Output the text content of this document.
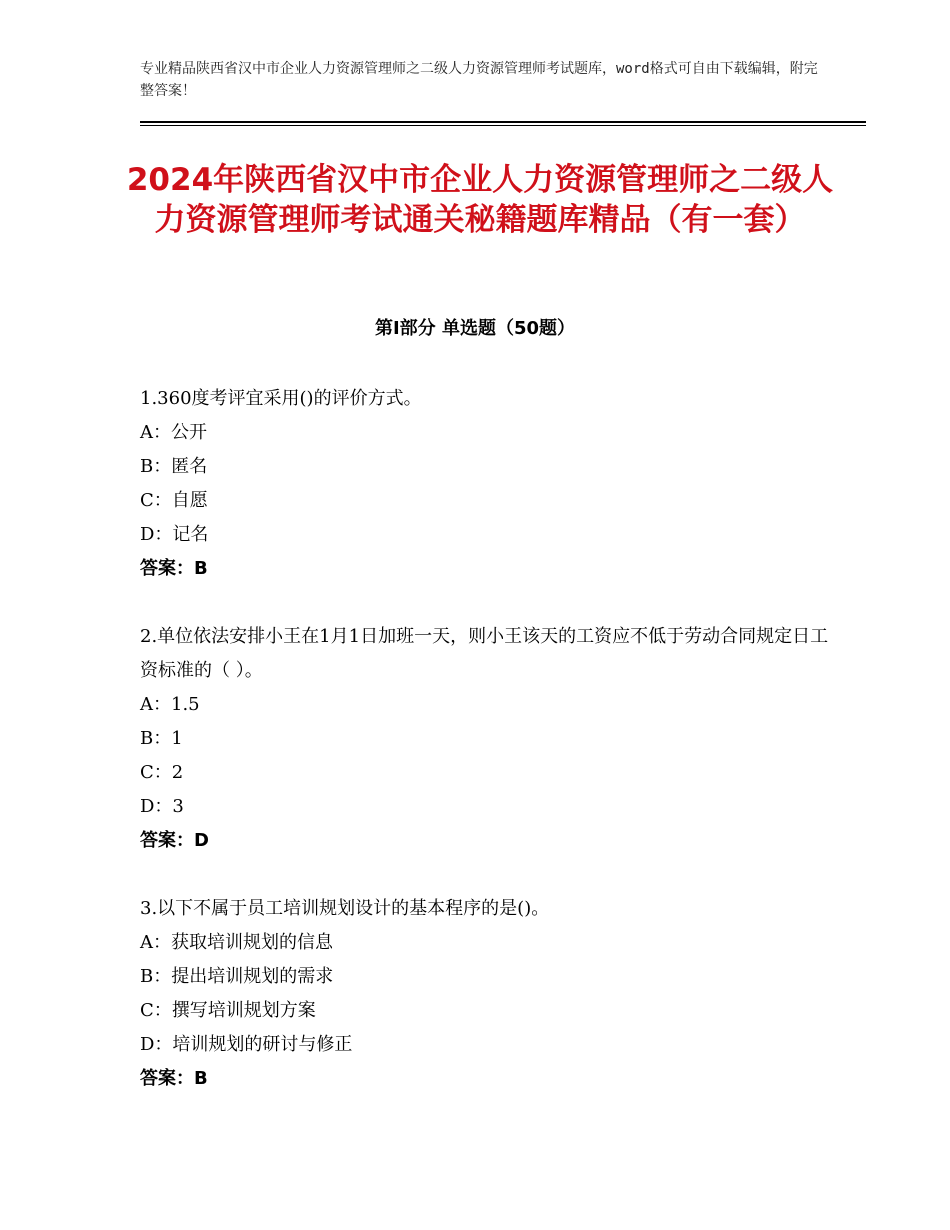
专业精品陕西省汉中市企业人力资源管理师之二级人力资源管理师考试题库，word格式可自由下载编辑，附完整答案！
2024年陕西省汉中市企业人力资源管理师之二级人力资源管理师考试通关秘籍题库精品（有一套）
第Ⅰ部分 单选题（50题）

1.360度考评宜采用()的评价方式。

A：公开

B：匿名

C：自愿

D：记名

答案：B

2.单位依法安排小王在1月1日加班一天，则小王该天的工资应不低于劳动合同规定日工资标准的（ ）。

A：1.5

B：1

C：2

D：3

答案：D

3.以下不属于员工培训规划设计的基本程序的是()。

A：获取培训规划的信息

B：提出培训规划的需求

C：撰写培训规划方案

D：培训规划的研讨与修正

答案：B
